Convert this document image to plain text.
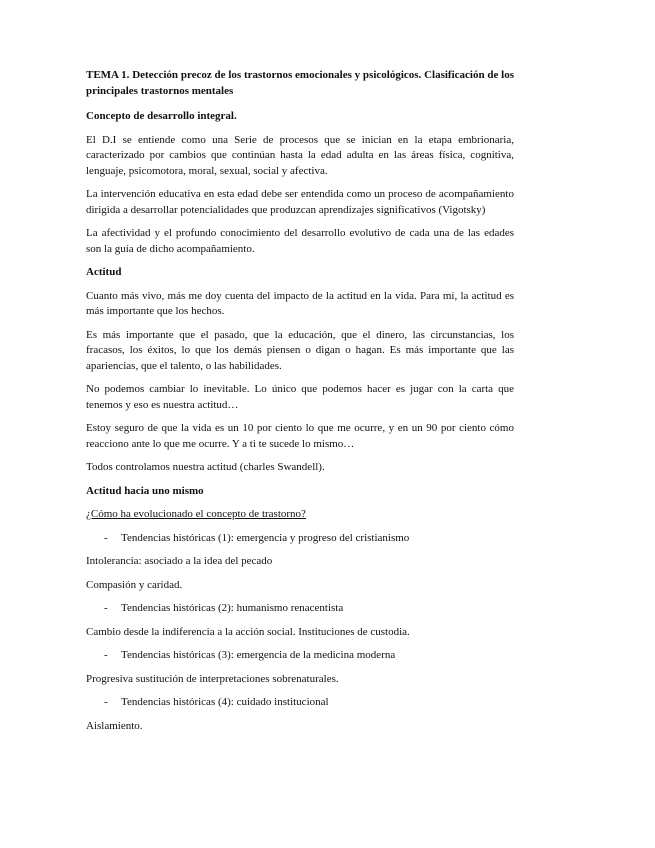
TEMA 1. Detección precoz de los trastornos emocionales y psicológicos. Clasificación de los principales trastornos mentales
Concepto de desarrollo integral.
El D.I se entiende como una Serie de procesos que se inician en la etapa embrionaria, caracterizado por cambios que continúan hasta la edad adulta en las áreas física, cognitiva, lenguaje, psicomotora, moral, sexual, social y afectiva.
La intervención educativa en esta edad debe ser entendida como un proceso de acompañamiento dirigida a desarrollar potencialidades que produzcan aprendizajes significativos (Vigotsky)
La afectividad y el profundo conocimiento del desarrollo evolutivo de cada una de las edades son la guía de dicho acompañamiento.
Actitud
Cuanto más vivo, más me doy cuenta del impacto de la actitud en la vida. Para mí, la actitud es más importante que los hechos.
Es más importante que el pasado, que la educación, que el dinero, las circunstancias, los fracasos, los éxitos, lo que los demás piensen o digan o hagan. Es más importante que las apariencias, que el talento, o las habilidades.
No podemos cambiar lo inevitable. Lo único que podemos hacer es jugar con la carta que tenemos y eso es nuestra actitud…
Estoy seguro de que la vida es un 10 por ciento lo que me ocurre, y en un 90 por ciento cómo reacciono ante lo que me ocurre. Y a ti te sucede lo mismo…
Todos controlamos nuestra actitud (charles Swandell).
Actitud hacia uno mismo
¿Cómo ha evolucionado el concepto de trastorno?
- Tendencias históricas (1): emergencia y progreso del cristianismo
Intolerancia: asociado a la idea del pecado
Compasión y caridad.
- Tendencias históricas (2): humanismo renacentista
Cambio desde la indiferencia a la acción social. Instituciones de custodia.
- Tendencias históricas (3): emergencia de la medicina moderna
Progresiva sustitución de interpretaciones sobrenaturales.
- Tendencias históricas (4): cuidado institucional
Aislamiento.
